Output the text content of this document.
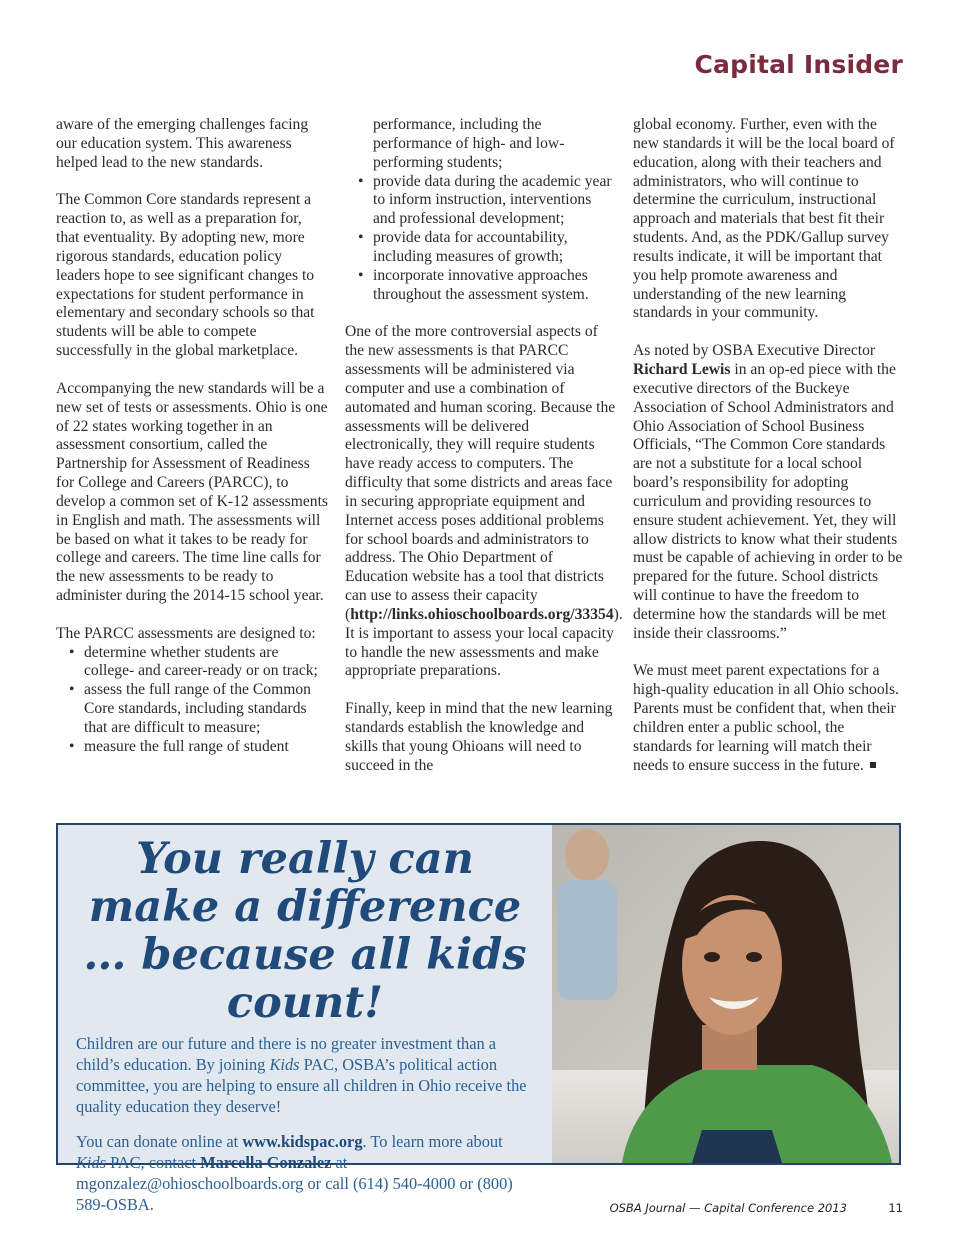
Capital Insider

aware of the emerging challenges facing our education system. This awareness helped lead to the new standards.

The Common Core standards represent a reaction to, as well as a preparation for, that eventuality. By adopting new, more rigorous standards, education policy leaders hope to see significant changes to expectations for student performance in elementary and secondary schools so that students will be able to compete successfully in the global marketplace.

Accompanying the new standards will be a new set of tests or assessments. Ohio is one of 22 states working together in an assessment consortium, called the Partnership for Assessment of Readiness for College and Careers (PARCC), to develop a common set of K-12 assessments in English and math. The assessments will be based on what it takes to be ready for college and careers. The time line calls for the new assessments to be ready to administer during the 2014-15 school year.

The PARCC assessments are designed to:

• determine whether students are college- and career-ready or on track;
• assess the full range of the Common Core standards, including standards that are difficult to measure;
• measure the full range of student
performance, including the performance of high- and low-performing students;
• provide data during the academic year to inform instruction, interventions and professional development;
• provide data for accountability, including measures of growth;
• incorporate innovative approaches throughout the assessment system.

One of the more controversial aspects of the new assessments is that PARCC assessments will be administered via computer and use a combination of automated and human scoring. Because the assessments will be delivered electronically, they will require students have ready access to computers. The difficulty that some districts and areas face in securing appropriate equipment and Internet access poses additional problems for school boards and administrators to address. The Ohio Department of Education website has a tool that districts can use to assess their capacity (http://links.ohioschoolboards.org/33354). It is important to assess your local capacity to handle the new assessments and make appropriate preparations.

Finally, keep in mind that the new learning standards establish the knowledge and skills that young Ohioans will need to succeed in the

global economy. Further, even with the new standards it will be the local board of education, along with their teachers and administrators, who will continue to determine the curriculum, instructional approach and materials that best fit their students. And, as the PDK/Gallup survey results indicate, it will be important that you help promote awareness and understanding of the new learning standards in your community.

As noted by OSBA Executive Director Richard Lewis in an op-ed piece with the executive directors of the Buckeye Association of School Administrators and Ohio Association of School Business Officials, “The Common Core standards are not a substitute for a local school board’s responsibility for adopting curriculum and providing resources to ensure student achievement. Yet, they will allow districts to know what their students must be capable of achieving in order to be prepared for the future. School districts will continue to have the freedom to determine how the standards will be met inside their classrooms.”

We must meet parent expectations for a high-quality education in all Ohio schools. Parents must be confident that, when their children enter a public school, the standards for learning will match their needs to ensure success in the future.

You really can make a difference … because all kids count!

Children are our future and there is no greater investment than a child’s education. By joining Kids PAC, OSBA’s political action committee, you are helping to ensure all children in Ohio receive the quality education they deserve!

You can donate online at www.kidspac.org. To learn more about Kids PAC, contact Marcella Gonzalez at mgonzalez@ohioschoolboards.org or call (614) 540-4000 or (800) 589-OSBA.	OSBA Journal — Capital Conference 2013	11
